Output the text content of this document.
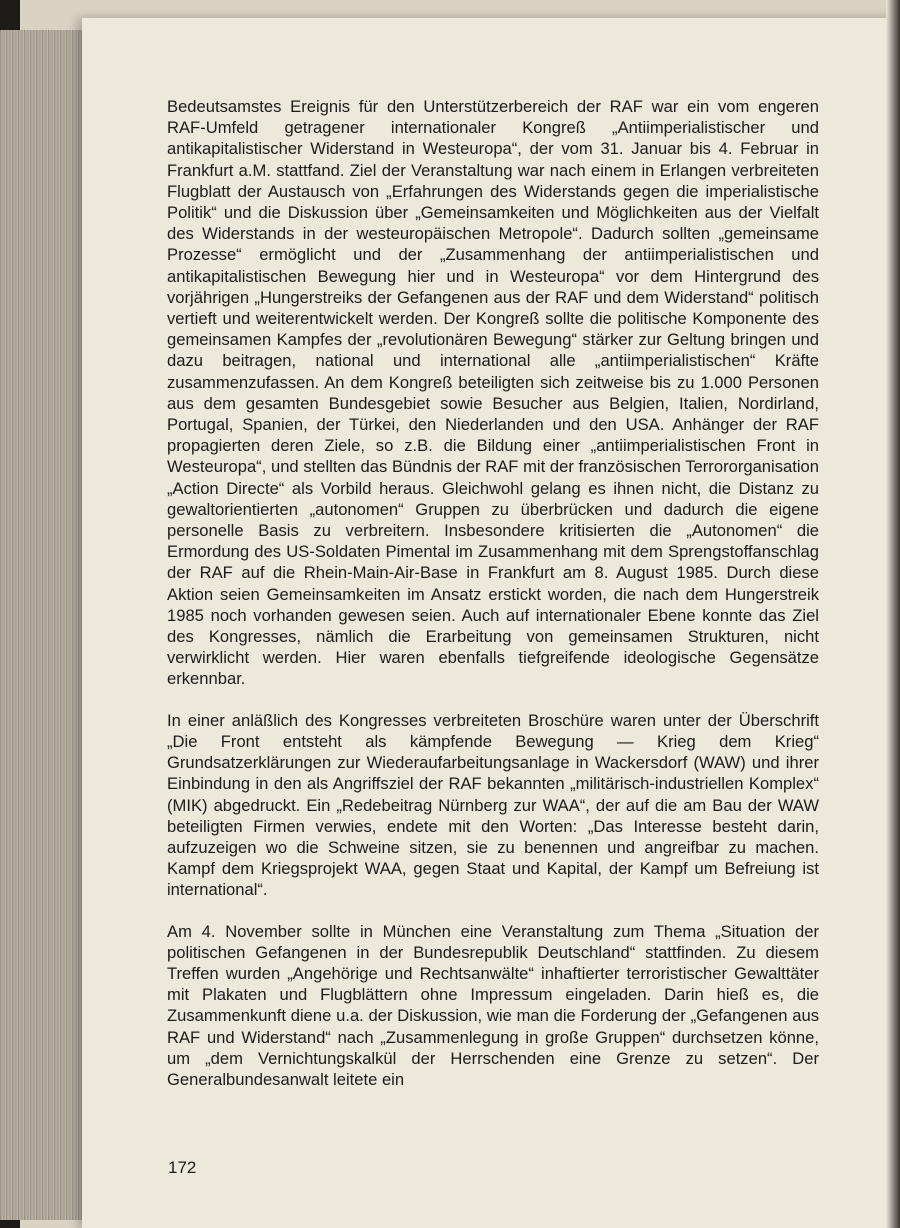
Bedeutsamstes Ereignis für den Unterstützerbereich der RAF war ein vom engeren RAF-Umfeld getragener internationaler Kongreß „Antiimperialistischer und antikapitalistischer Widerstand in Westeuropa“, der vom 31. Januar bis 4. Februar in Frankfurt a.M. stattfand. Ziel der Veranstaltung war nach einem in Erlangen verbreiteten Flugblatt der Austausch von „Erfahrungen des Widerstands gegen die imperialistische Politik“ und die Diskussion über „Gemeinsamkeiten und Möglichkeiten aus der Vielfalt des Widerstands in der westeuropäischen Metropole“. Dadurch sollten „gemeinsame Prozesse“ ermöglicht und der „Zusammenhang der antiimperialistischen und antikapitalistischen Bewegung hier und in Westeuropa“ vor dem Hintergrund des vorjährigen „Hungerstreiks der Gefangenen aus der RAF und dem Widerstand“ politisch vertieft und weiterentwickelt werden. Der Kongreß sollte die politische Komponente des gemeinsamen Kampfes der „revolutionären Bewegung“ stärker zur Geltung bringen und dazu beitragen, national und international alle „antiimperialistischen“ Kräfte zusammenzufassen. An dem Kongreß beteiligten sich zeitweise bis zu 1.000 Personen aus dem gesamten Bundesgebiet sowie Besucher aus Belgien, Italien, Nordirland, Portugal, Spanien, der Türkei, den Niederlanden und den USA. Anhänger der RAF propagierten deren Ziele, so z.B. die Bildung einer „antiimperialistischen Front in Westeuropa“, und stellten das Bündnis der RAF mit der französischen Terrororganisation „Action Directe“ als Vorbild heraus. Gleichwohl gelang es ihnen nicht, die Distanz zu gewaltorientierten „autonomen“ Gruppen zu überbrücken und dadurch die eigene personelle Basis zu verbreitern. Insbesondere kritisierten die „Autonomen“ die Ermordung des US-Soldaten Pimental im Zusammenhang mit dem Sprengstoffanschlag der RAF auf die Rhein-Main-Air-Base in Frankfurt am 8. August 1985. Durch diese Aktion seien Gemeinsamkeiten im Ansatz erstickt worden, die nach dem Hungerstreik 1985 noch vorhanden gewesen seien. Auch auf internationaler Ebene konnte das Ziel des Kongresses, nämlich die Erarbeitung von gemeinsamen Strukturen, nicht verwirklicht werden. Hier waren ebenfalls tiefgreifende ideologische Gegensätze erkennbar.

In einer anläßlich des Kongresses verbreiteten Broschüre waren unter der Überschrift „Die Front entsteht als kämpfende Bewegung — Krieg dem Krieg“ Grundsatzerklärungen zur Wiederaufarbeitungsanlage in Wackersdorf (WAW) und ihrer Einbindung in den als Angriffsziel der RAF bekannten „militärisch-industriellen Komplex“ (MIK) abgedruckt. Ein „Redebeitrag Nürnberg zur WAA“, der auf die am Bau der WAW beteiligten Firmen verwies, endete mit den Worten: „Das Interesse besteht darin, aufzuzeigen wo die Schweine sitzen, sie zu benennen und angreifbar zu machen. Kampf dem Kriegsprojekt WAA, gegen Staat und Kapital, der Kampf um Befreiung ist international“.

Am 4. November sollte in München eine Veranstaltung zum Thema „Situation der politischen Gefangenen in der Bundesrepublik Deutschland“ stattfinden. Zu diesem Treffen wurden „Angehörige und Rechtsanwälte“ inhaftierter terroristischer Gewalttäter mit Plakaten und Flugblättern ohne Impressum eingeladen. Darin hieß es, die Zusammenkunft diene u.a. der Diskussion, wie man die Forderung der „Gefangenen aus RAF und Widerstand“ nach „Zusammenlegung in große Gruppen“ durchsetzen könne, um „dem Vernichtungskalkül der Herrschenden eine Grenze zu setzen“. Der Generalbundesanwalt leitete ein

172
